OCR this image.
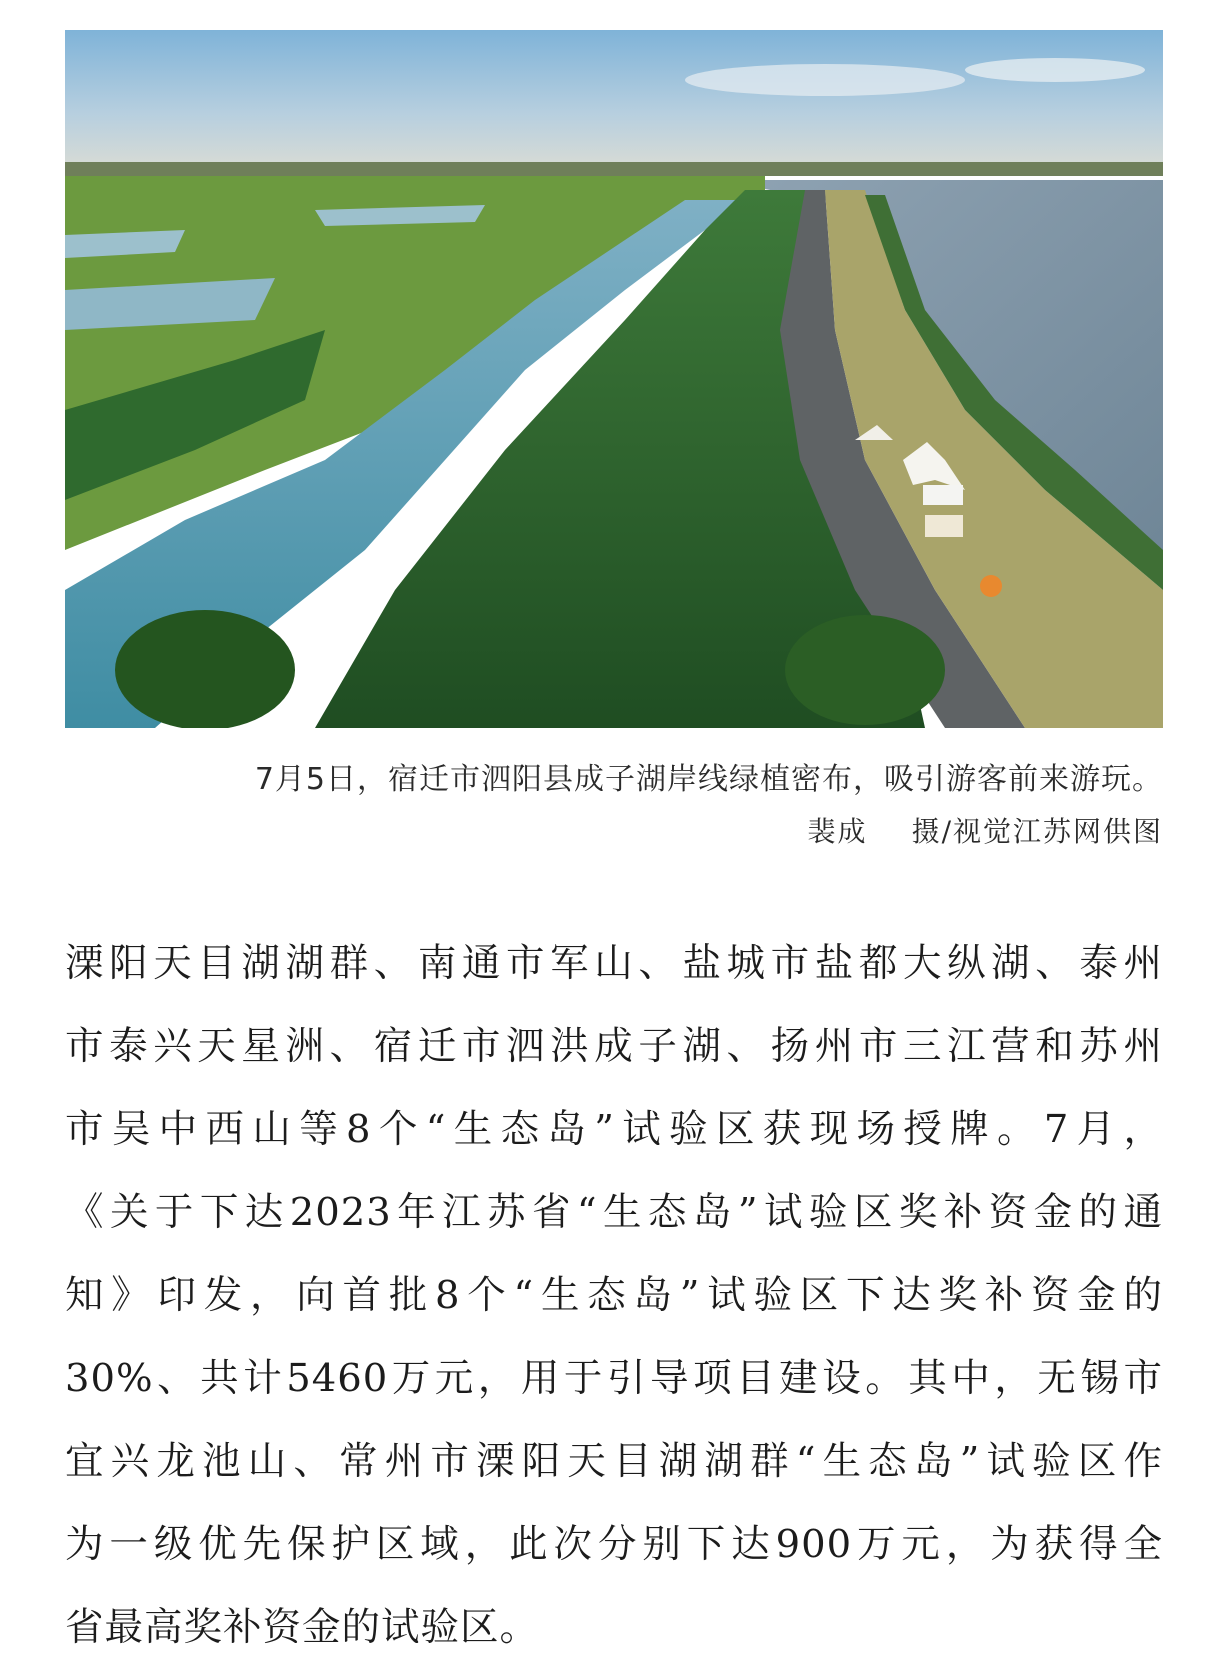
7月5日，宿迁市泗阳县成子湖岸线绿植密布，吸引游客前来游玩。
裴成 摄/视觉江苏网供图
溧阳天目湖湖群、南通市军山、盐城市盐都大纵湖、泰州
市泰兴天星洲、宿迁市泗洪成子湖、扬州市三江营和苏州
市吴中西山等8个“生态岛”试验区获现场授牌。7月，
《关于下达2023年江苏省“生态岛”试验区奖补资金的通
知》印发，向首批8个“生态岛”试验区下达奖补资金的
30%、共计5460万元，用于引导项目建设。其中，无锡市
宜兴龙池山、常州市溧阳天目湖湖群“生态岛”试验区作
为一级优先保护区域，此次分别下达900万元，为获得全
省最高奖补资金的试验区。
